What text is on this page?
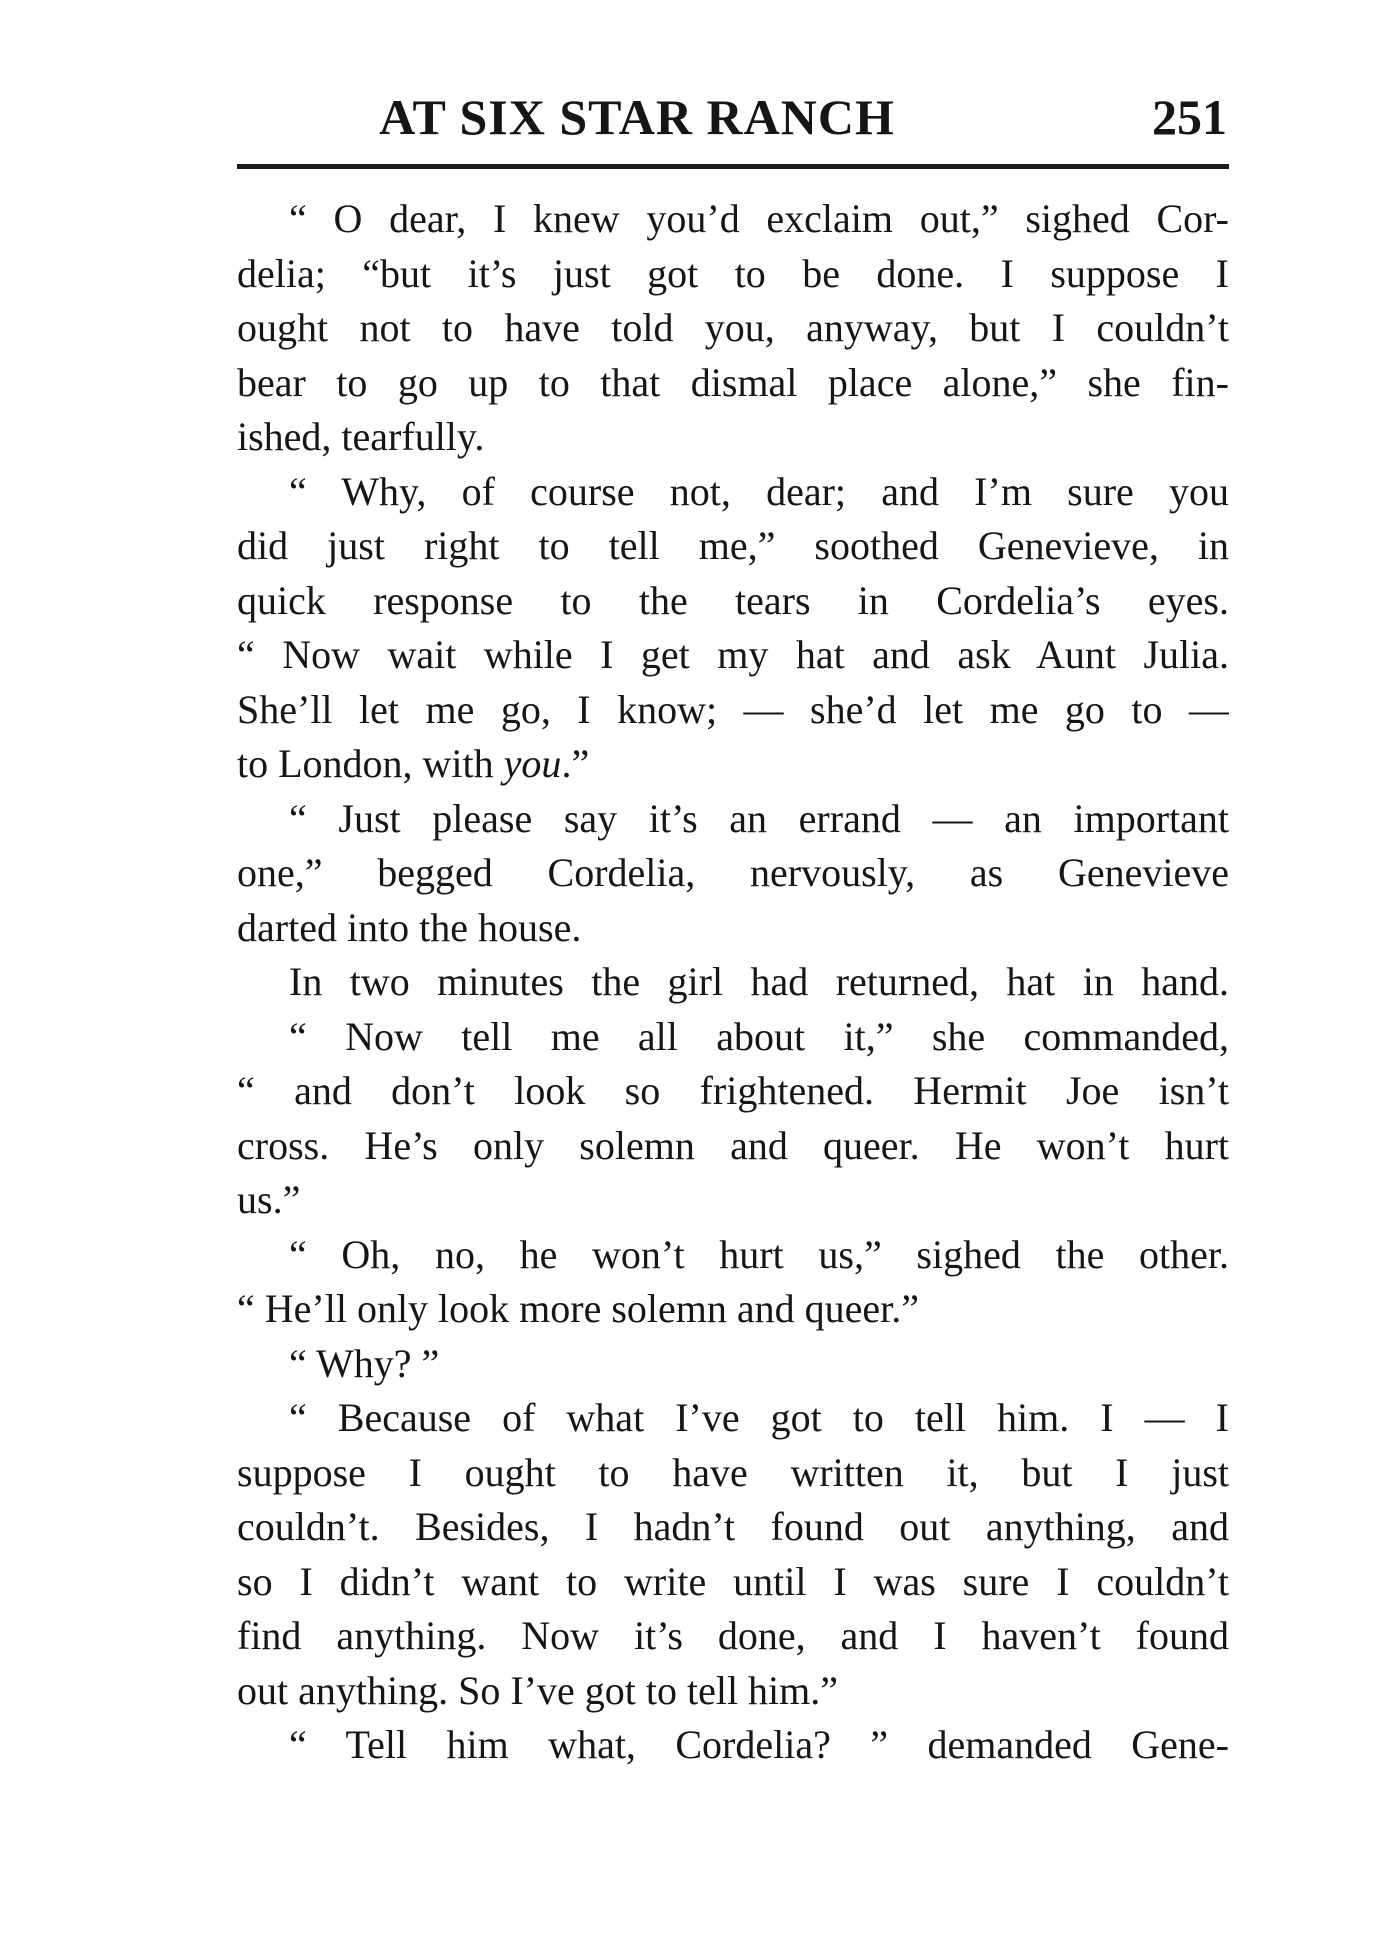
AT SIX STAR RANCH	251
“ O dear, I knew you’d exclaim out,” sighed Cor-
delia; “but it’s just got to be done. I suppose I
ought not to have told you, anyway, but I couldn’t
bear to go up to that dismal place alone,” she fin-
ished, tearfully.
“ Why, of course not, dear; and I’m sure you
did just right to tell me,” soothed Genevieve, in
quick response to the tears in Cordelia’s eyes.
“ Now wait while I get my hat and ask Aunt Julia.
She’ll let me go, I know; — she’d let me go to —
to London, with you.”
“ Just please say it’s an errand — an important
one,” begged Cordelia, nervously, as Genevieve
darted into the house.
In two minutes the girl had returned, hat in hand.
“ Now tell me all about it,” she commanded,
“ and don’t look so frightened. Hermit Joe isn’t
cross. He’s only solemn and queer. He won’t hurt
us.”
“ Oh, no, he won’t hurt us,” sighed the other.
“ He’ll only look more solemn and queer.”
“ Why? ”
“ Because of what I’ve got to tell him. I — I
suppose I ought to have written it, but I just
couldn’t. Besides, I hadn’t found out anything, and
so I didn’t want to write until I was sure I couldn’t
find anything. Now it’s done, and I haven’t found
out anything. So I’ve got to tell him.”
“ Tell him what, Cordelia? ” demanded Gene-
